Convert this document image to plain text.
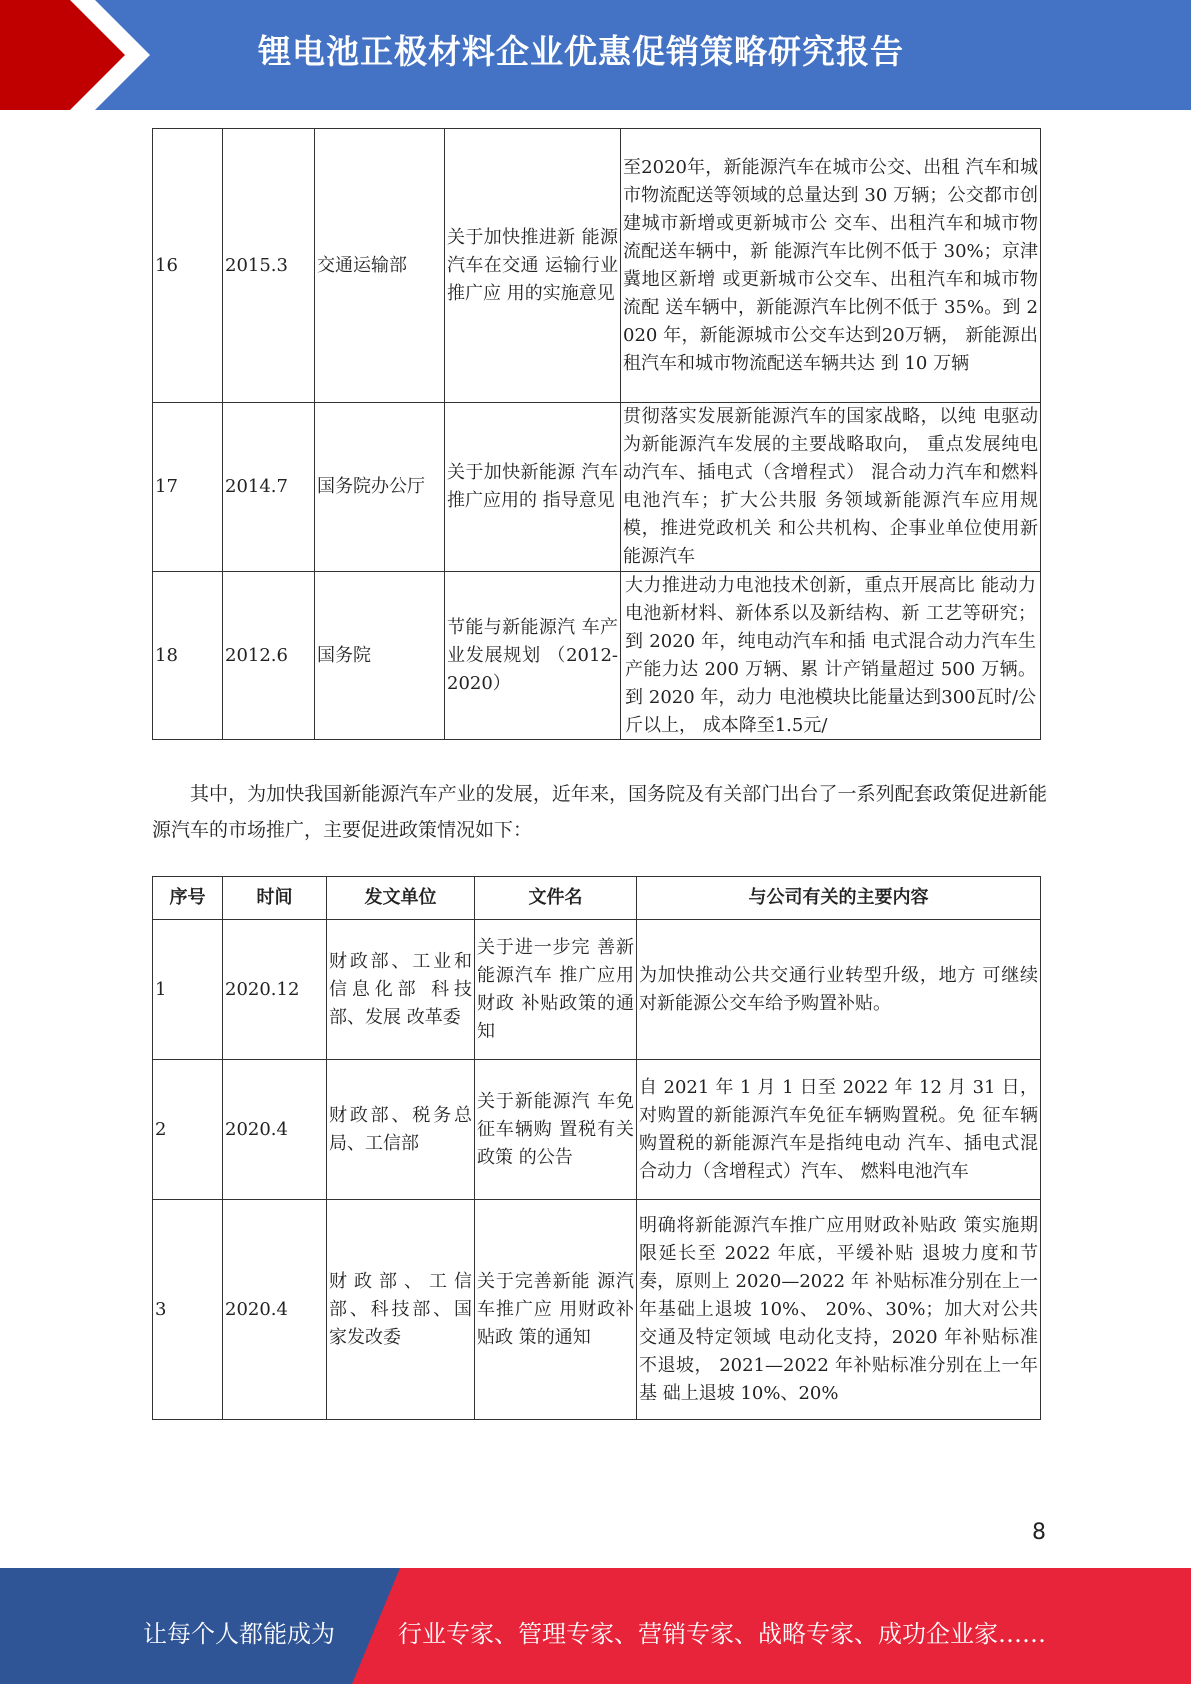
锂电池正极材料企业优惠促销策略研究报告
16	2015.3	交通运输部	关于加快推进新 能源汽车在交通 运输行业推广应 用的实施意见	至2020年，新能源汽车在城市公交、出租 汽车和城市物流配送等领域的总量达到 30 万辆；公交都市创建城市新增或更新城市公 交车、出租汽车和城市物流配送车辆中，新 能源汽车比例不低于 30%；京津冀地区新增 或更新城市公交车、出租汽车和城市物流配 送车辆中，新能源汽车比例不低于 35%。到 2020 年，新能源城市公交车达到20万辆， 新能源出租汽车和城市物流配送车辆共达 到 10 万辆
17	2014.7	国务院办公厅	关于加快新能源 汽车推广应用的 指导意见	贯彻落实发展新能源汽车的国家战略，以纯 电驱动为新能源汽车发展的主要战略取向， 重点发展纯电动汽车、插电式（含增程式） 混合动力汽车和燃料电池汽车；扩大公共服 务领域新能源汽车应用规模，推进党政机关 和公共机构、企事业单位使用新能源汽车
18	2012.6	国务院	节能与新能源汽 车产业发展规划 （2012-2020）	大力推进动力电池技术创新，重点开展高比 能动力电池新材料、新体系以及新结构、新 工艺等研究；到 2020 年，纯电动汽车和插 电式混合动力汽车生产能力达 200 万辆、累 计产销量超过 500 万辆。到 2020 年，动力 电池模块比能量达到300瓦时/公斤以上， 成本降至1.5元/
其中，为加快我国新能源汽车产业的发展，近年来，国务院及有关部门出台了一系列配套政策促进新能源汽车的市场推广，主要促进政策情况如下：
序号	时间	发文单位	文件名	与公司有关的主要内容
1	2020.12	财政部、工业和信息化部 科技部、发展 改革委	关于进一步完 善新能源汽车 推广应用财政 补贴政策的通 知	为加快推动公共交通行业转型升级，地方 可继续对新能源公交车给予购置补贴。
2	2020.4	财政部、税务总局、工信部	关于新能源汽 车免征车辆购 置税有关政策 的公告	自 2021 年 1 月 1 日至 2022 年 12 月 31 日，对购置的新能源汽车免征车辆购置税。免 征车辆购置税的新能源汽车是指纯电动 汽车、插电式混合动力（含增程式）汽车、 燃料电池汽车
3	2020.4	财政部、工信部、科技部、国家发改委	关于完善新能 源汽车推广应 用财政补贴政 策的通知	明确将新能源汽车推广应用财政补贴政 策实施期限延长至 2022 年底，平缓补贴 退坡力度和节奏，原则上 2020—2022 年 补贴标准分别在上一年基础上退坡 10%、 20%、30%；加大对公共交通及特定领域 电动化支持，2020 年补贴标准不退坡， 2021—2022 年补贴标准分别在上一年基 础上退坡 10%、20%
8
让每个人都能成为	行业专家、管理专家、营销专家、战略专家、成功企业家……
